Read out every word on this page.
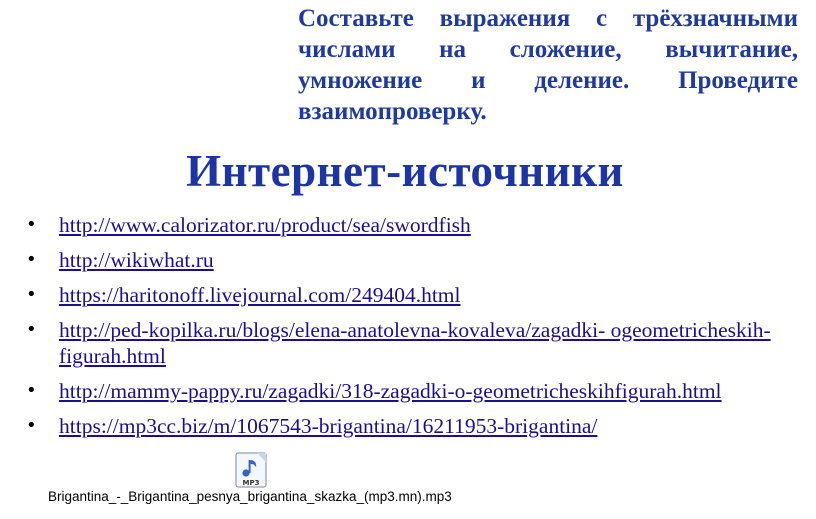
Составьте выражения с трёхзначными числами на сложение, вычитание, умножение и деление. Проведите взаимопроверку.

Интернет-источники
• http://www.calorizator.ru/product/sea/swordfish
• http://wikiwhat.ru
• https://haritonoff.livejournal.com/249404.html
• http://ped-kopilka.ru/blogs/elena-anatolevna-kovaleva/zagadki- ogeometricheskih-figurah.html
• http://mammy-pappy.ru/zagadki/318-zagadki-o-geometricheskihfigurah.html
• https://mp3cc.biz/m/1067543-brigantina/16211953-brigantina/
MP3
Brigantina_-_Brigantina_pesnya_brigantina_skazka_(mp3.mn).mp3
